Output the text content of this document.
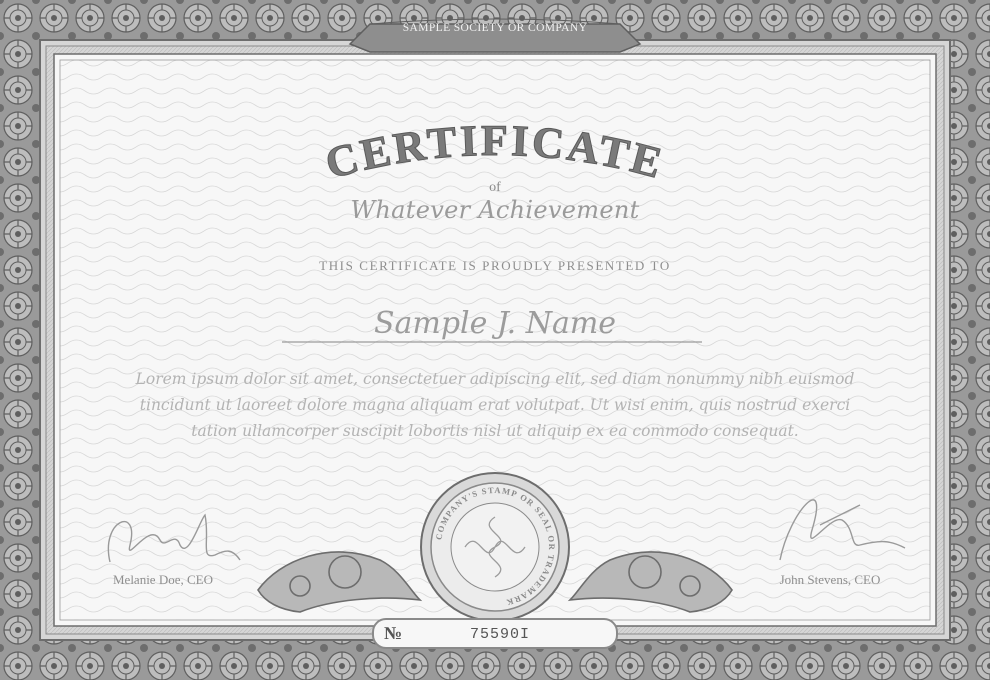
CERTIFICATE
COMPANY'S STAMP OR SEAL OR TRADEMARK
SAMPLE SOCIETY OR COMPANY
of
Whatever Achievement
THIS CERTIFICATE IS PROUDLY PRESENTED TO
Sample J. Name
Lorem ipsum dolor sit amet, consectetuer adipiscing elit, sed diam nonummy nibh euismod tincidunt ut laoreet dolore magna aliquam erat volutpat. Ut wisi enim, quis nostrud exerci tation ullamcorper suscipit lobortis nisl ut aliquip ex ea commodo consequat.
Melanie Doe, CEO	John Stevens, CEO
№	75590I
